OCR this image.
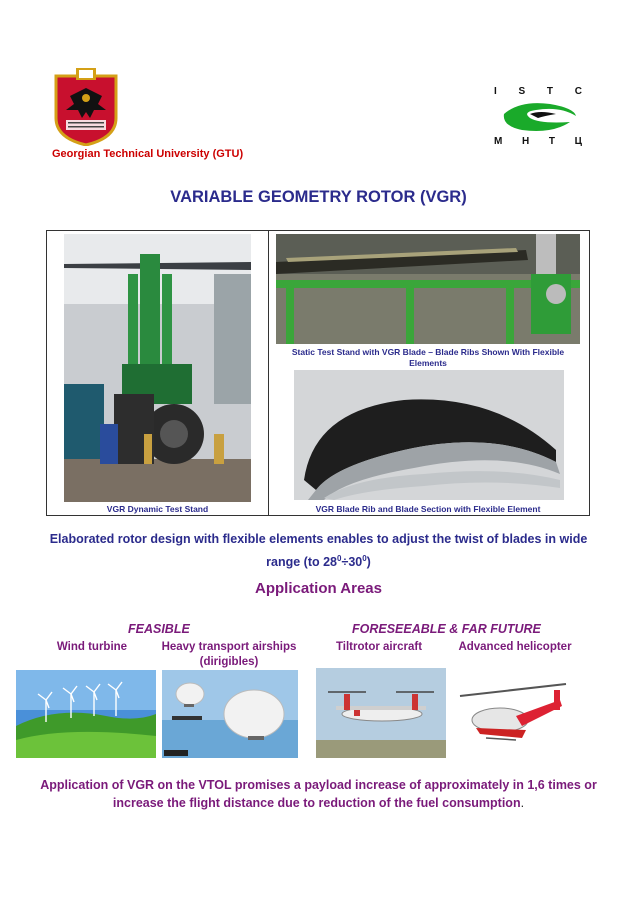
Georgian Technical University (GTU)
I S T C
М Н Т Ц
VARIABLE GEOMETRY ROTOR (VGR)
VGR Dynamic Test Stand
Static Test Stand with VGR Blade – Blade Ribs Shown With Flexible Elements
VGR Blade Rib and Blade Section with Flexible Element
Elaborated rotor design with flexible elements enables to adjust the twist of blades in wide range (to $28^0\div 30^0$)
Application Areas
FEASIBLE	FORESEEABLE & FAR FUTURE
Wind turbine	Heavy transport airships (dirigibles)
Tiltrotor aircraft	Advanced helicopter
Application of VGR on the VTOL promises a payload increase of approximately in 1,6 times or increase the flight distance due to reduction of the fuel consumption.
